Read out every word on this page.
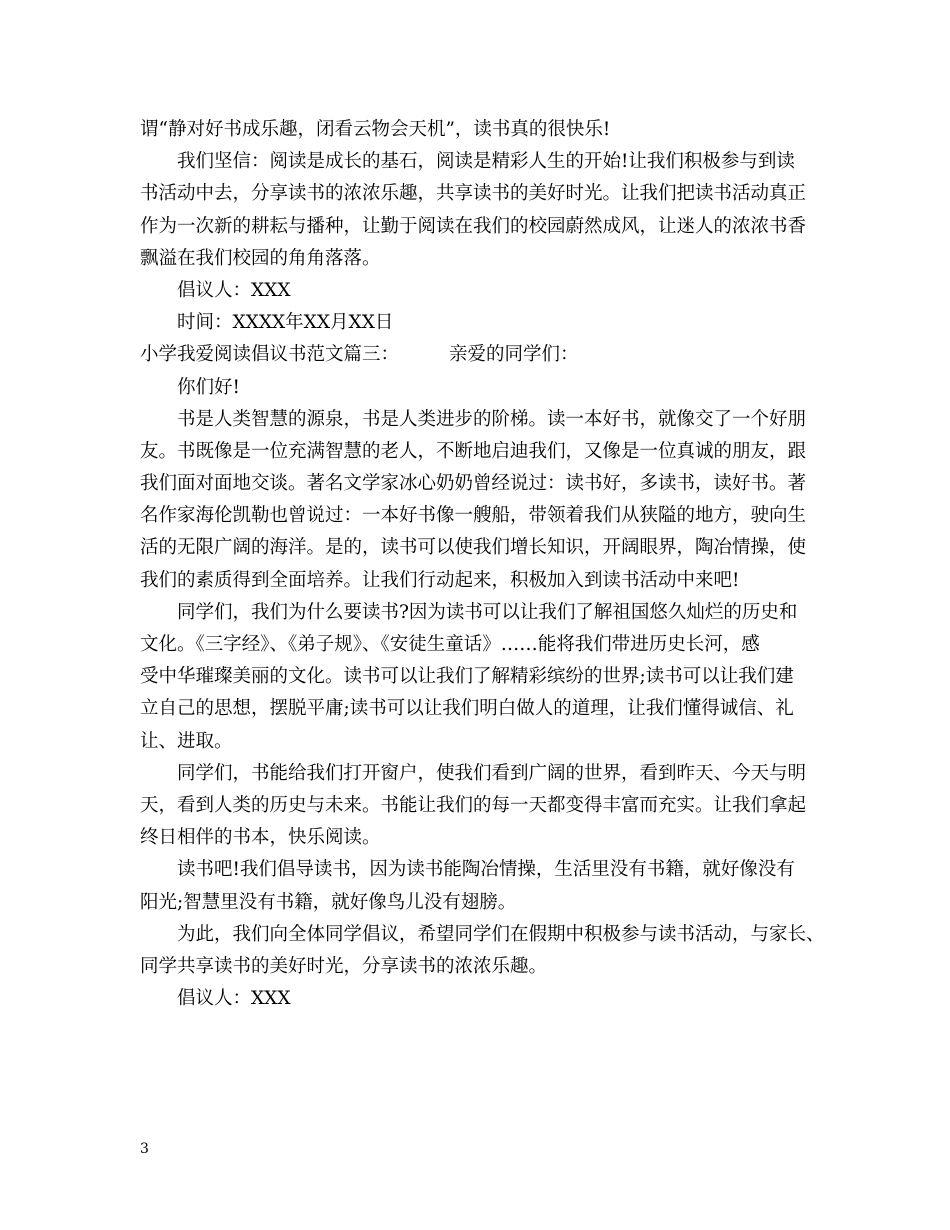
谓“静对好书成乐趣，闭看云物会天机”，读书真的很快乐!
我们坚信：阅读是成长的基石，阅读是精彩人生的开始!让我们积极参与到读
书活动中去，分享读书的浓浓乐趣，共享读书的美好时光。让我们把读书活动真正
作为一次新的耕耘与播种，让勤于阅读在我们的校园蔚然成风，让迷人的浓浓书香
飘溢在我们校园的角角落落。
倡议人：XXX
时间：XXXX年XX月XX日
小学我爱阅读倡议书范文篇三：	亲爱的同学们：
你们好!
书是人类智慧的源泉，书是人类进步的阶梯。读一本好书，就像交了一个好朋
友。书既像是一位充满智慧的老人，不断地启迪我们，又像是一位真诚的朋友，跟
我们面对面地交谈。著名文学家冰心奶奶曾经说过：读书好，多读书，读好书。著
名作家海伦凯勒也曾说过：一本好书像一艘船，带领着我们从狭隘的地方，驶向生
活的无限广阔的海洋。是的，读书可以使我们增长知识，开阔眼界，陶冶情操，使
我们的素质得到全面培养。让我们行动起来，积极加入到读书活动中来吧!
同学们，我们为什么要读书?因为读书可以让我们了解祖国悠久灿烂的历史和
文化。《三字经》、《弟子规》、《安徒生童话》……能将我们带进历史长河，感
受中华璀璨美丽的文化。读书可以让我们了解精彩缤纷的世界;读书可以让我们建
立自己的思想，摆脱平庸;读书可以让我们明白做人的道理，让我们懂得诚信、礼
让、进取。
同学们，书能给我们打开窗户，使我们看到广阔的世界，看到昨天、今天与明
天，看到人类的历史与未来。书能让我们的每一天都变得丰富而充实。让我们拿起
终日相伴的书本，快乐阅读。
读书吧!我们倡导读书，因为读书能陶冶情操，生活里没有书籍，就好像没有
阳光;智慧里没有书籍，就好像鸟儿没有翅膀。
为此，我们向全体同学倡议，希望同学们在假期中积极参与读书活动，与家长、
同学共享读书的美好时光，分享读书的浓浓乐趣。
倡议人：XXX
3
